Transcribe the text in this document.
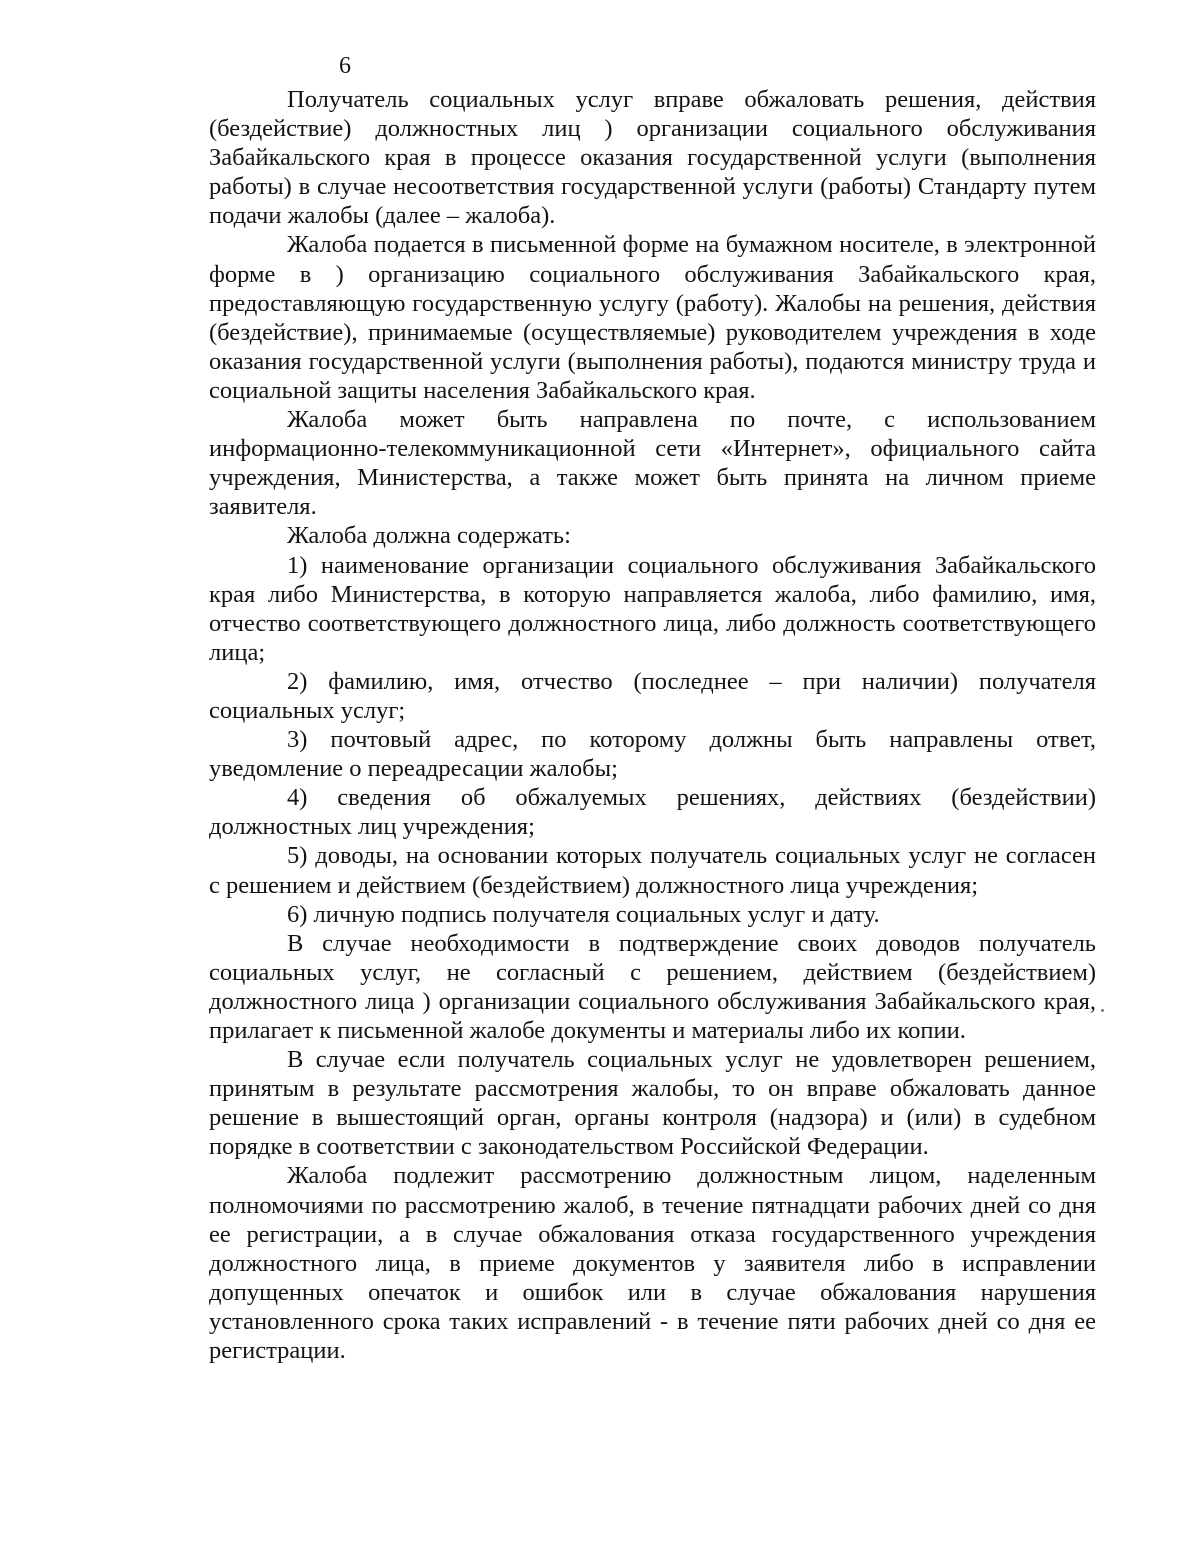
6

Получатель социальных услуг вправе обжаловать решения, действия (бездействие) должностных лиц ) организации социального обслуживания Забайкальского края в процессе оказания государственной услуги (выполнения работы) в случае несоответствия государственной услуги (работы) Стандарту путем подачи жалобы (далее – жалоба).

Жалоба подается в письменной форме на бумажном носителе, в электронной форме в ) организацию социального обслуживания Забайкальского края, предоставляющую государственную услугу (работу). Жалобы на решения, действия (бездействие), принимаемые (осуществляемые) руководителем учреждения в ходе оказания государственной услуги (выполнения работы), подаются министру труда и социальной защиты населения Забайкальского края.

Жалоба может быть направлена по почте, с использованием информационно-телекоммуникационной сети «Интернет», официального сайта учреждения, Министерства, а также может быть принята на личном приеме заявителя.

Жалоба должна содержать:

1) наименование организации социального обслуживания Забайкальского края либо Министерства, в которую направляется жалоба, либо фамилию, имя, отчество соответствующего должностного лица, либо должность соответствующего лица;

2) фамилию, имя, отчество (последнее – при наличии) получателя социальных услуг;

3) почтовый адрес, по которому должны быть направлены ответ, уведомление о переадресации жалобы;

4) сведения об обжалуемых решениях, действиях (бездействии) должностных лиц учреждения;

5) доводы, на основании которых получатель социальных услуг не согласен с решением и действием (бездействием) должностного лица учреждения;

6) личную подпись получателя социальных услуг и дату.

В случае необходимости в подтверждение своих доводов получатель социальных услуг, не согласный с решением, действием (бездействием) должностного лица ) организации социального обслуживания Забайкальского края, прилагает к письменной жалобе документы и материалы либо их копии.

В случае если получатель социальных услуг не удовлетворен решением, принятым в результате рассмотрения жалобы, то он вправе обжаловать данное решение в вышестоящий орган, органы контроля (надзора) и (или) в судебном порядке в соответствии с законодательством Российской Федерации.

Жалоба подлежит рассмотрению должностным лицом, наделенным полномочиями по рассмотрению жалоб, в течение пятнадцати рабочих дней со дня ее регистрации, а в случае обжалования отказа государственного учреждения должностного лица, в приеме документов у заявителя либо в исправлении допущенных опечаток и ошибок или в случае обжалования нарушения установленного срока таких исправлений - в течение пяти рабочих дней со дня ее регистрации.
